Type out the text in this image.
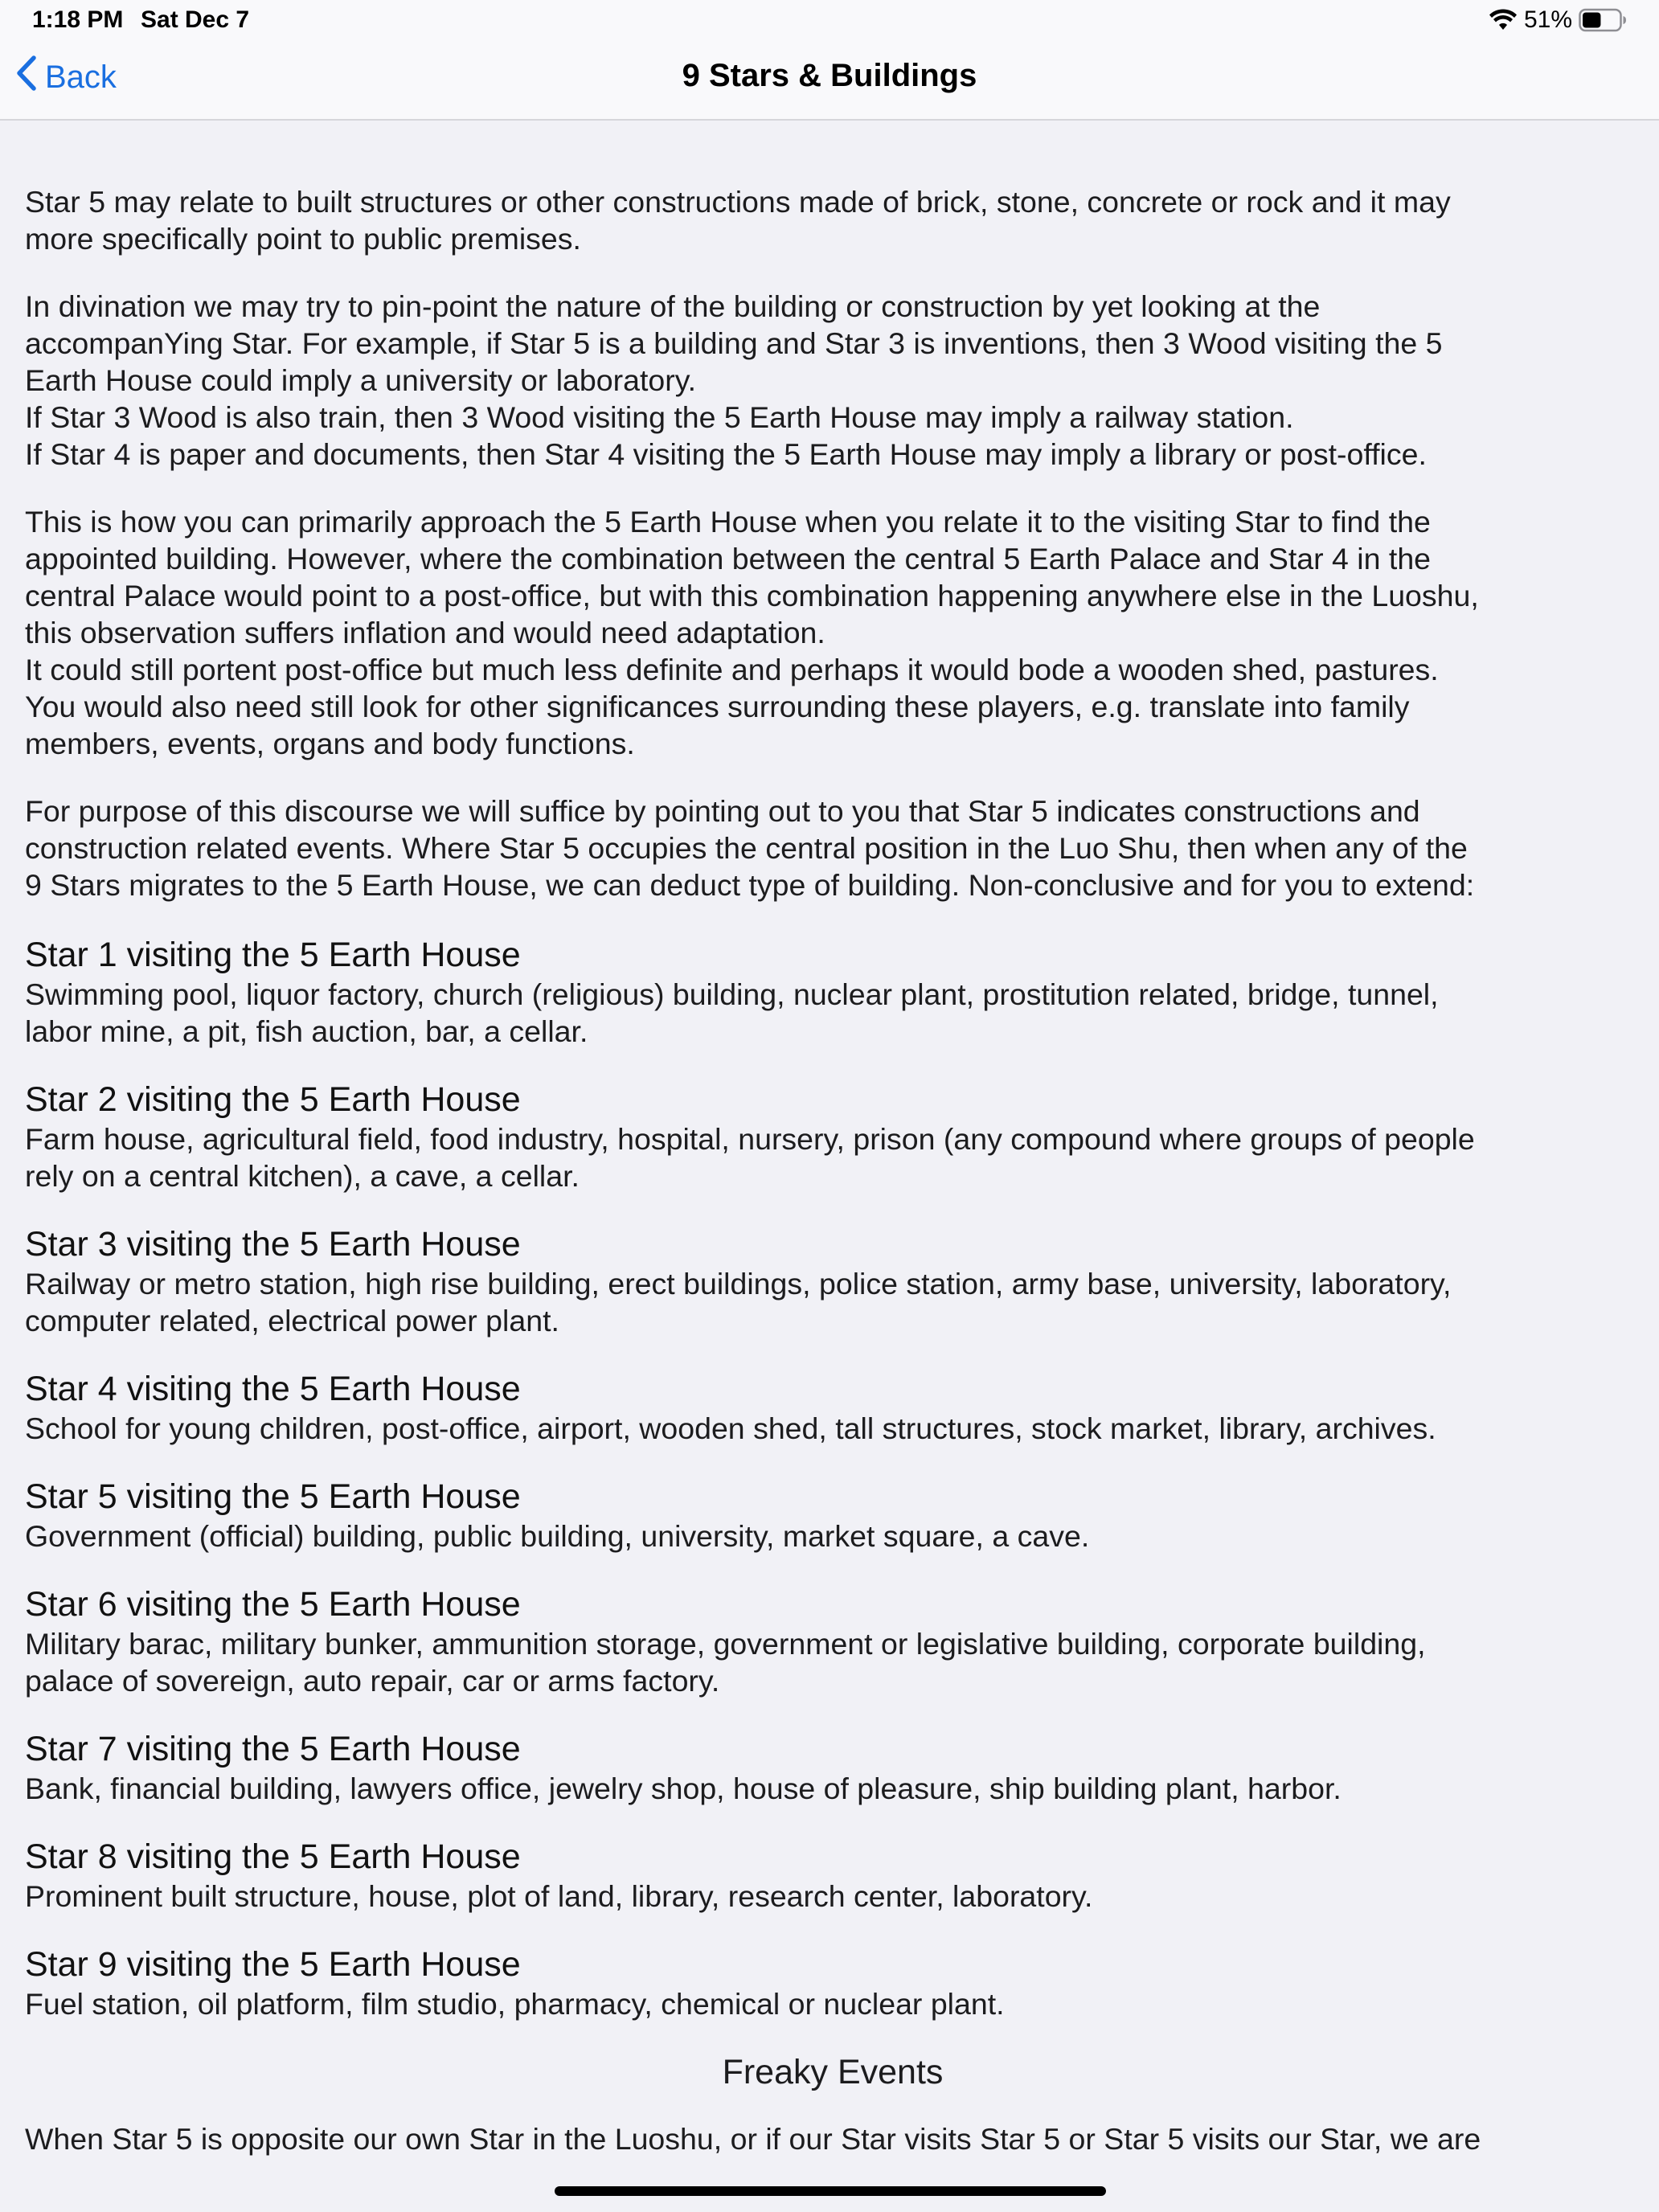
1:18 PM Sat Dec 7	51%
Back	9 Stars & Buildings

Star 5 may relate to built structures or other constructions made of brick, stone, concrete or rock and it may
more specifically point to public premises.

In divination we may try to pin-point the nature of the building or construction by yet looking at the
accompanYing Star. For example, if Star 5 is a building and Star 3 is inventions, then 3 Wood visiting the 5
Earth House could imply a university or laboratory.
If Star 3 Wood is also train, then 3 Wood visiting the 5 Earth House may imply a railway station.
If Star 4 is paper and documents, then Star 4 visiting the 5 Earth House may imply a library or post-office.

This is how you can primarily approach the 5 Earth House when you relate it to the visiting Star to find the
appointed building. However, where the combination between the central 5 Earth Palace and Star 4 in the
central Palace would point to a post-office, but with this combination happening anywhere else in the Luoshu,
this observation suffers inflation and would need adaptation.
It could still portent post-office but much less definite and perhaps it would bode a wooden shed, pastures.
You would also need still look for other significances surrounding these players, e.g. translate into family
members, events, organs and body functions.

For purpose of this discourse we will suffice by pointing out to you that Star 5 indicates constructions and
construction related events. Where Star 5 occupies the central position in the Luo Shu, then when any of the
9 Stars migrates to the 5 Earth House, we can deduct type of building. Non-conclusive and for you to extend:

Star 1 visiting the 5 Earth House
Swimming pool, liquor factory, church (religious) building, nuclear plant, prostitution related, bridge, tunnel,
labor mine, a pit, fish auction, bar, a cellar.
Star 2 visiting the 5 Earth House
Farm house, agricultural field, food industry, hospital, nursery, prison (any compound where groups of people
rely on a central kitchen), a cave, a cellar.
Star 3 visiting the 5 Earth House
Railway or metro station, high rise building, erect buildings, police station, army base, university, laboratory,
computer related, electrical power plant.
Star 4 visiting the 5 Earth House
School for young children, post-office, airport, wooden shed, tall structures, stock market, library, archives.
Star 5 visiting the 5 Earth House
Government (official) building, public building, university, market square, a cave.
Star 6 visiting the 5 Earth House
Military barac, military bunker, ammunition storage, government or legislative building, corporate building,
palace of sovereign, auto repair, car or arms factory.
Star 7 visiting the 5 Earth House
Bank, financial building, lawyers office, jewelry shop, house of pleasure, ship building plant, harbor.
Star 8 visiting the 5 Earth House
Prominent built structure, house, plot of land, library, research center, laboratory.
Star 9 visiting the 5 Earth House
Fuel station, oil platform, film studio, pharmacy, chemical or nuclear plant.
Freaky Events
When Star 5 is opposite our own Star in the Luoshu, or if our Star visits Star 5 or Star 5 visits our Star, we are
